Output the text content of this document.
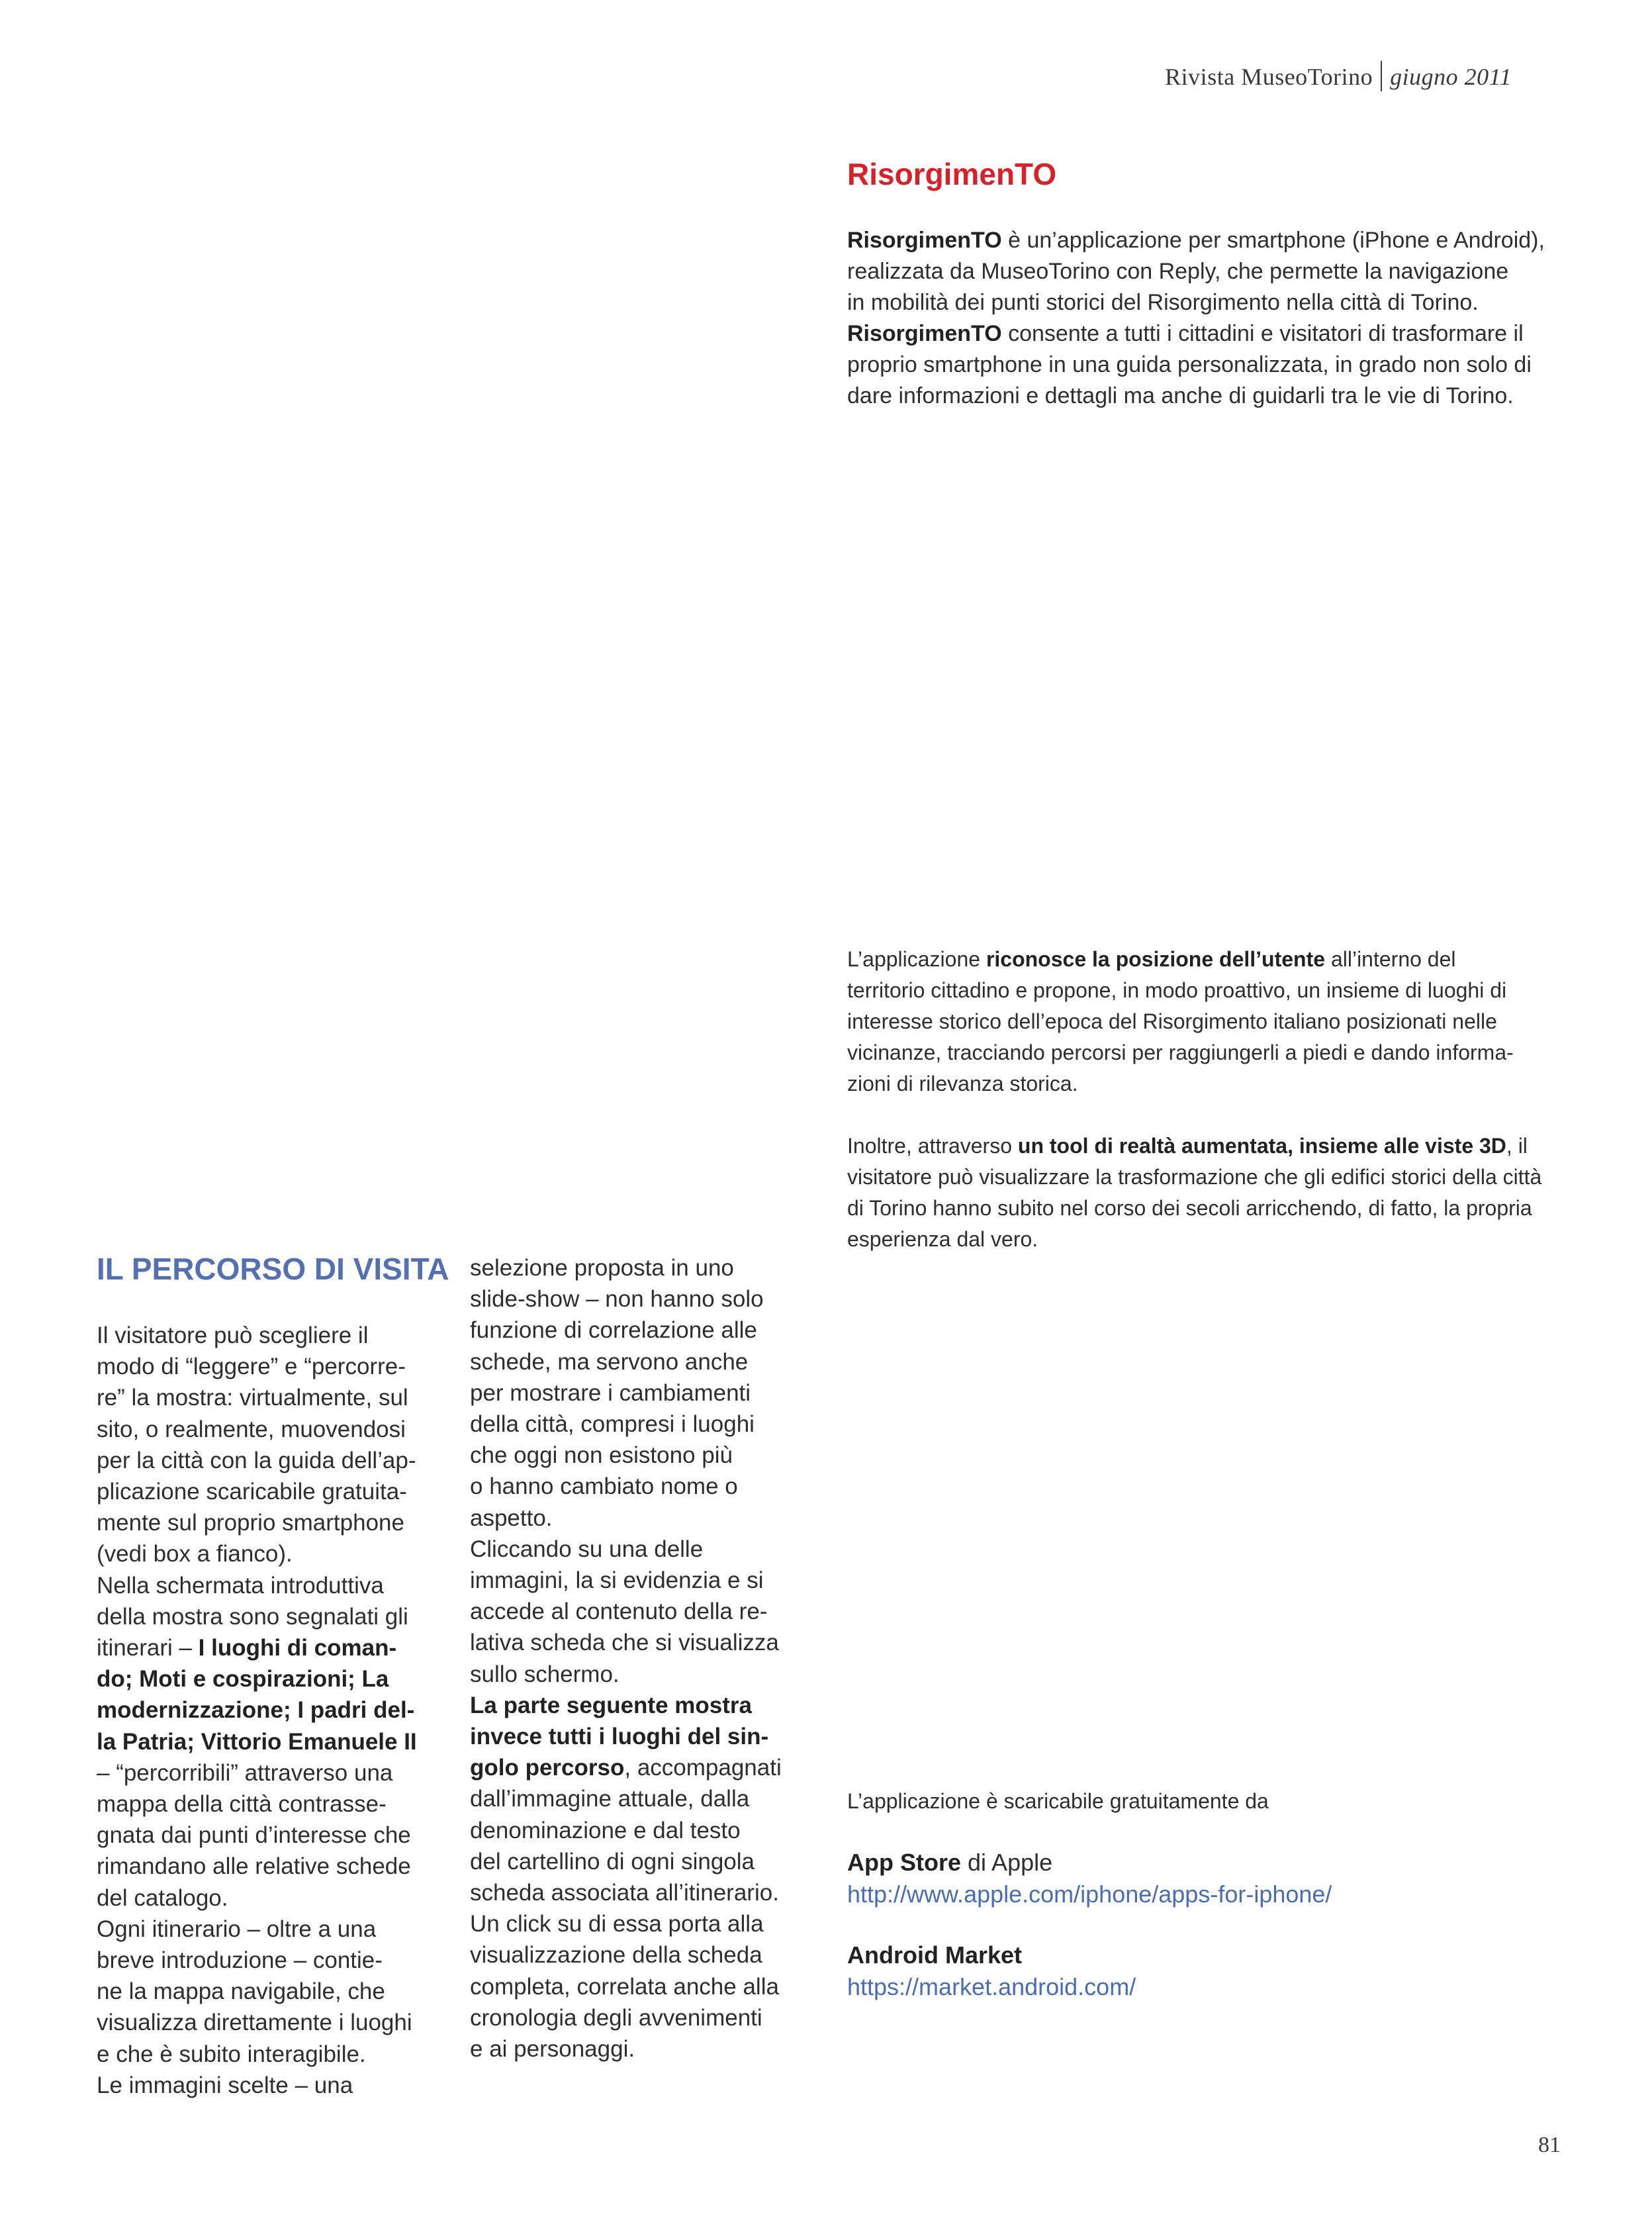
Rivista MuseoTorino giugno 2011
RisorgimenTO
RisorgimenTO è un’applicazione per smartphone (iPhone e Android),
realizzata da MuseoTorino con Reply, che permette la navigazione
in mobilità dei punti storici del Risorgimento nella città di Torino.
RisorgimenTO consente a tutti i cittadini e visitatori di trasformare il
proprio smartphone in una guida personalizzata, in grado non solo di
dare informazioni e dettagli ma anche di guidarli tra le vie di Torino.
L’applicazione riconosce la posizione dell’utente all’interno del
territorio cittadino e propone, in modo proattivo, un insieme di luoghi di
interesse storico dell’epoca del Risorgimento italiano posizionati nelle
vicinanze, tracciando percorsi per raggiungerli a piedi e dando informa-
zioni di rilevanza storica.
Inoltre, attraverso un tool di realtà aumentata, insieme alle viste 3D, il
visitatore può visualizzare la trasformazione che gli edifici storici della città
di Torino hanno subito nel corso dei secoli arricchendo, di fatto, la propria
esperienza dal vero.
IL PERCORSO DI VISITA
Il visitatore può scegliere il
modo di “leggere” e “percorre-
re” la mostra: virtualmente, sul
sito, o realmente, muovendosi
per la città con la guida dell’ap-
plicazione scaricabile gratuita-
mente sul proprio smartphone
(vedi box a fianco).
Nella schermata introduttiva
della mostra sono segnalati gli
itinerari – I luoghi di coman-
do; Moti e cospirazioni; La
modernizzazione; I padri del-
la Patria; Vittorio Emanuele II
– “percorribili” attraverso una
mappa della città contrasse-
gnata dai punti d’interesse che
rimandano alle relative schede
del catalogo.
Ogni itinerario – oltre a una
breve introduzione – contie-
ne la mappa navigabile, che
visualizza direttamente i luoghi
e che è subito interagibile.
Le immagini scelte – una
selezione proposta in uno
slide-show – non hanno solo
funzione di correlazione alle
schede, ma servono anche
per mostrare i cambiamenti
della città, compresi i luoghi
che oggi non esistono più
o hanno cambiato nome o
aspetto.
Cliccando su una delle
immagini, la si evidenzia e si
accede al contenuto della re-
lativa scheda che si visualizza
sullo schermo.
La parte seguente mostra
invece tutti i luoghi del sin-
golo percorso, accompagnati
dall’immagine attuale, dalla
denominazione e dal testo
del cartellino di ogni singola
scheda associata all’itinerario.
Un click su di essa porta alla
visualizzazione della scheda
completa, correlata anche alla
cronologia degli avvenimenti
e ai personaggi.
L’applicazione è scaricabile gratuitamente da
App Store di Apple
http://www.apple.com/iphone/apps-for-iphone/
Android Market
https://market.android.com/
81
